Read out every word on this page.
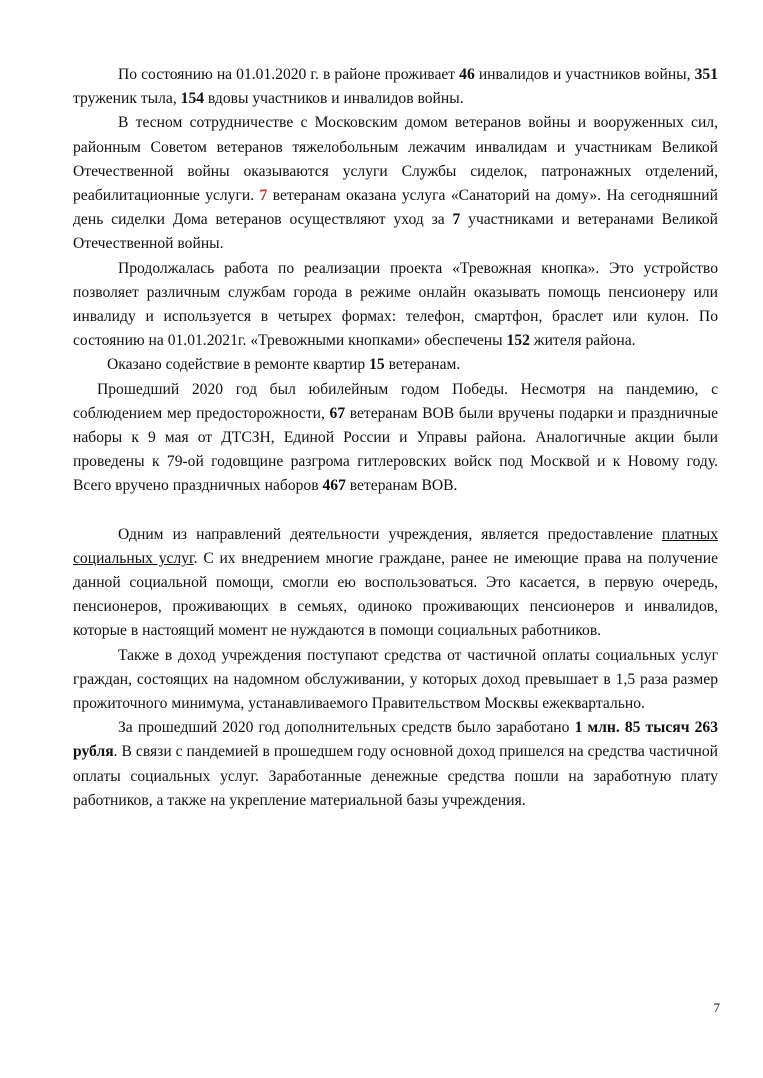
По состоянию на 01.01.2020 г. в районе проживает 46 инвалидов и участников войны, 351 труженик тыла, 154 вдовы участников и инвалидов войны.

В тесном сотрудничестве с Московским домом ветеранов войны и вооруженных сил, районным Советом ветеранов тяжелобольным лежачим инвалидам и участникам Великой Отечественной войны оказываются услуги Службы сиделок, патронажных отделений, реабилитационные услуги. 7 ветеранам оказана услуга «Санаторий на дому». На сегодняшний день сиделки Дома ветеранов осуществляют уход за 7 участниками и ветеранами Великой Отечественной войны.

Продолжалась работа по реализации проекта «Тревожная кнопка». Это устройство позволяет различным службам города в режиме онлайн оказывать помощь пенсионеру или инвалиду и используется в четырех формах: телефон, смартфон, браслет или кулон. По состоянию на 01.01.2021г. «Тревожными кнопками» обеспечены 152 жителя района.

Оказано содействие в ремонте квартир 15 ветеранам.

Прошедший 2020 год был юбилейным годом Победы. Несмотря на пандемию, с соблюдением мер предосторожности, 67 ветеранам ВОВ были вручены подарки и праздничные наборы к 9 мая от ДТСЗН, Единой России и Управы района. Аналогичные акции были проведены к 79-ой годовщине разгрома гитлеровских войск под Москвой и к Новому году. Всего вручено праздничных наборов 467 ветеранам ВОВ.

Одним из направлений деятельности учреждения, является предоставление платных социальных услуг. С их внедрением многие граждане, ранее не имеющие права на получение данной социальной помощи, смогли ею воспользоваться. Это касается, в первую очередь, пенсионеров, проживающих в семьях, одиноко проживающих пенсионеров и инвалидов, которые в настоящий момент не нуждаются в помощи социальных работников.

Также в доход учреждения поступают средства от частичной оплаты социальных услуг граждан, состоящих на надомном обслуживании, у которых доход превышает в 1,5 раза размер прожиточного минимума, устанавливаемого Правительством Москвы ежеквартально.

За прошедший 2020 год дополнительных средств было заработано 1 млн. 85 тысяч 263 рубля. В связи с пандемией в прошедшем году основной доход пришелся на средства частичной оплаты социальных услуг. Заработанные денежные средства пошли на заработную плату работников, а также на укрепление материальной базы учреждения.

7
